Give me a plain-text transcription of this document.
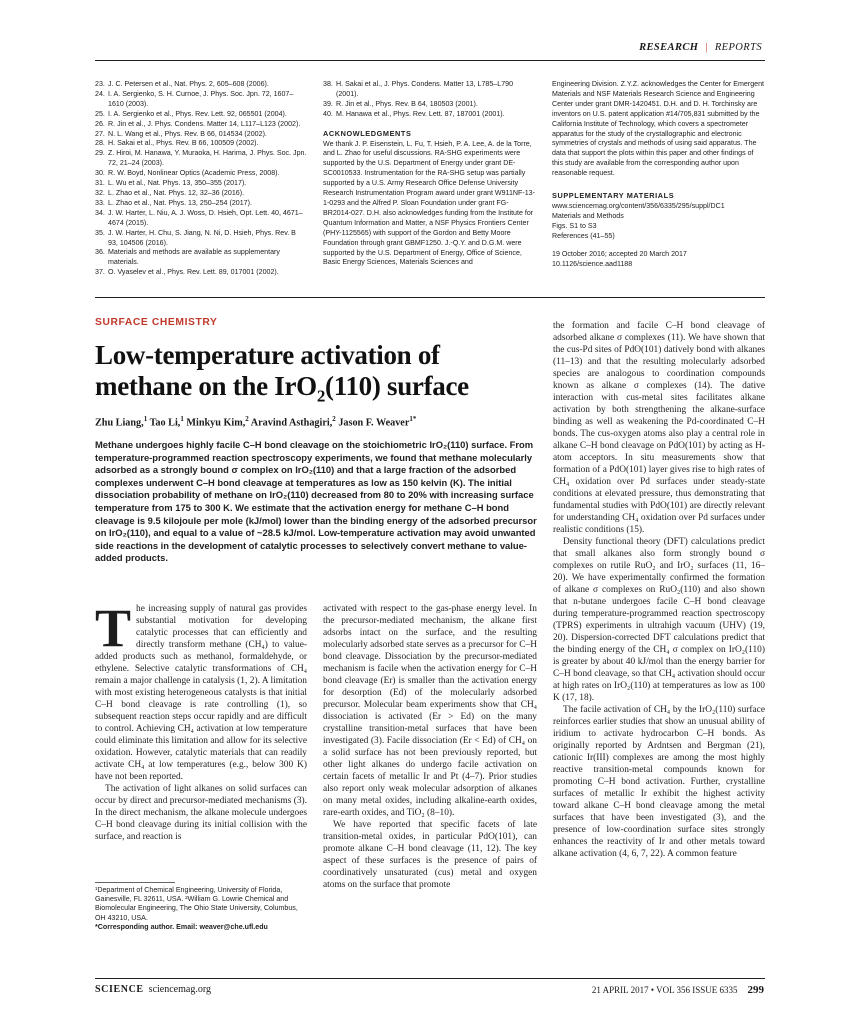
RESEARCH | REPORTS
23. J. C. Petersen et al., Nat. Phys. 2, 605–608 (2006).
24. I. A. Sergienko, S. H. Curnoe, J. Phys. Soc. Jpn. 72, 1607–1610 (2003).
25. I. A. Sergienko et al., Phys. Rev. Lett. 92, 065501 (2004).
26. R. Jin et al., J. Phys. Condens. Matter 14, L117–L123 (2002).
27. N. L. Wang et al., Phys. Rev. B 66, 014534 (2002).
28. H. Sakai et al., Phys. Rev. B 66, 100509 (2002).
29. Z. Hiroi, M. Hanawa, Y. Muraoka, H. Harima, J. Phys. Soc. Jpn. 72, 21–24 (2003).
30. R. W. Boyd, Nonlinear Optics (Academic Press, 2008).
31. L. Wu et al., Nat. Phys. 13, 350–355 (2017).
32. L. Zhao et al., Nat. Phys. 12, 32–36 (2016).
33. L. Zhao et al., Nat. Phys. 13, 250–254 (2017).
34. J. W. Harter, L. Niu, A. J. Woss, D. Hsieh, Opt. Lett. 40, 4671–4674 (2015).
35. J. W. Harter, H. Chu, S. Jiang, N. Ni, D. Hsieh, Phys. Rev. B 93, 104506 (2016).
36. Materials and methods are available as supplementary materials.
37. O. Vyaselev et al., Phys. Rev. Lett. 89, 017001 (2002).
38. H. Sakai et al., J. Phys. Condens. Matter 13, L785–L790 (2001).
39. R. Jin et al., Phys. Rev. B 64, 180503 (2001).
40. M. Hanawa et al., Phys. Rev. Lett. 87, 187001 (2001).
ACKNOWLEDGMENTS
We thank J. P. Eisenstein, L. Fu, T. Hsieh, P. A. Lee, A. de la Torre, and L. Zhao for useful discussions. RA-SHG experiments were supported by the U.S. Department of Energy under grant DE-SC0010533. Instrumentation for the RA-SHG setup was partially supported by a U.S. Army Research Office Defense University Research Instrumentation Program award under grant W911NF-13-1-0293 and the Alfred P. Sloan Foundation under grant FG-BR2014-027. D.H. also acknowledges funding from the Institute for Quantum Information and Matter, a NSF Physics Frontiers Center (PHY-1125565) with support of the Gordon and Betty Moore Foundation through grant GBMF1250. J.-Q.Y. and D.G.M. were supported by the U.S. Department of Energy, Office of Science, Basic Energy Sciences, Materials Sciences and
Engineering Division. Z.Y.Z. acknowledges the Center for Emergent Materials and NSF Materials Research Science and Engineering Center under grant DMR-1420451. D.H. and D. H. Torchinsky are inventors on U.S. patent application #14/705,831 submitted by the California Institute of Technology, which covers a spectrometer apparatus for the study of the crystallographic and electronic symmetries of crystals and methods of using said apparatus. The data that support the plots within this paper and other findings of this study are available from the corresponding author upon reasonable request.
SUPPLEMENTARY MATERIALS
www.sciencemag.org/content/356/6335/295/suppl/DC1
Materials and Methods
Figs. S1 to S3
References (41–55)
19 October 2016; accepted 20 March 2017
10.1126/science.aad1188
SURFACE CHEMISTRY
Low-temperature activation of
methane on the IrO$_2$(110) surface
Zhu Liang,$^1$ Tao Li,$^1$ Minkyu Kim,$^2$ Aravind Asthagiri,$^2$ Jason F. Weaver$^{1*}$
Methane undergoes highly facile C–H bond cleavage on the stoichiometric IrO₂(110) surface. From temperature-programmed reaction spectroscopy experiments, we found that methane molecularly adsorbed as a strongly bound σ complex on IrO₂(110) and that a large fraction of the adsorbed complexes underwent C–H bond cleavage at temperatures as low as 150 kelvin (K). The initial dissociation probability of methane on IrO₂(110) decreased from 80 to 20% with increasing surface temperature from 175 to 300 K. We estimate that the activation energy for methane C–H bond cleavage is 9.5 kilojoule per mole (kJ/mol) lower than the binding energy of the adsorbed precursor on IrO₂(110), and equal to a value of ~28.5 kJ/mol. Low-temperature activation may avoid unwanted side reactions in the development of catalytic processes to selectively convert methane to value-added products.

The increasing supply of natural gas provides substantial motivation for developing catalytic processes that can efficiently and directly transform methane (CH₄) to value-added products such as methanol, formaldehyde, or ethylene. Selective catalytic transformations of CH₄ remain a major challenge in catalysis (1, 2). A limitation with most existing heterogeneous catalysts is that initial C–H bond cleavage is rate controlling (1), so subsequent reaction steps occur rapidly and are difficult to control. Achieving CH₄ activation at low temperature could eliminate this limitation and allow for its selective oxidation. However, catalytic materials that can readily activate CH₄ at low temperatures (e.g., below 300 K) have not been reported.

The activation of light alkanes on solid surfaces can occur by direct and precursor-mediated mechanisms (3). In the direct mechanism, the alkane molecule undergoes C–H bond cleavage during its initial collision with the surface, and reaction is

activated with respect to the gas-phase energy level. In the precursor-mediated mechanism, the alkane first adsorbs intact on the surface, and the resulting molecularly adsorbed state serves as a precursor for C–H bond cleavage. Dissociation by the precursor-mediated mechanism is facile when the activation energy for C–H bond cleavage (Er) is smaller than the activation energy for desorption (Ed) of the molecularly adsorbed precursor. Molecular beam experiments show that CH₄ dissociation is activated (Er > Ed) on the many crystalline transition-metal surfaces that have been investigated (3). Facile dissociation (Er < Ed) of CH₄ on a solid surface has not been previously reported, but other light alkanes do undergo facile activation on certain facets of metallic Ir and Pt (4–7). Prior studies also report only weak molecular adsorption of alkanes on many metal oxides, including alkaline-earth oxides, rare-earth oxides, and TiO₂ (8–10).

We have reported that specific facets of late transition-metal oxides, in particular PdO(101), can promote alkane C–H bond cleavage (11, 12). The key aspect of these surfaces is the presence of pairs of coordinatively unsaturated (cus) metal and oxygen atoms on the surface that promote

the formation and facile C–H bond cleavage of adsorbed alkane σ complexes (11). We have shown that the cus-Pd sites of PdO(101) datively bond with alkanes (11–13) and that the resulting molecularly adsorbed species are analogous to coordination compounds known as alkane σ complexes (14). The dative interaction with cus-metal sites facilitates alkane activation by both strengthening the alkane-surface binding as well as weakening the Pd-coordinated C–H bonds. The cus-oxygen atoms also play a central role in alkane C–H bond cleavage on PdO(101) by acting as H-atom acceptors. In situ measurements show that formation of a PdO(101) layer gives rise to high rates of CH₄ oxidation over Pd surfaces under steady-state conditions at elevated pressure, thus demonstrating that fundamental studies with PdO(101) are directly relevant for understanding CH₄ oxidation over Pd surfaces under realistic conditions (15).

Density functional theory (DFT) calculations predict that small alkanes also form strongly bound σ complexes on rutile RuO₂ and IrO₂ surfaces (11, 16–20). We have experimentally confirmed the formation of alkane σ complexes on RuO₂(110) and also shown that n-butane undergoes facile C–H bond cleavage during temperature-programmed reaction spectroscopy (TPRS) experiments in ultrahigh vacuum (UHV) (19, 20). Dispersion-corrected DFT calculations predict that the binding energy of the CH₄ σ complex on IrO₂(110) is greater by about 40 kJ/mol than the energy barrier for C–H bond cleavage, so that CH₄ activation should occur at high rates on IrO₂(110) at temperatures as low as 100 K (17, 18).

The facile activation of CH₄ by the IrO₂(110) surface reinforces earlier studies that show an unusual ability of iridium to activate hydrocarbon C–H bonds. As originally reported by Ardntsen and Bergman (21), cationic Ir(III) complexes are among the most highly reactive transition-metal compounds known for promoting C–H bond activation. Further, crystalline surfaces of metallic Ir exhibit the highest activity toward alkane C–H bond cleavage among the metal surfaces that have been investigated (3), and the presence of low-coordination surface sites strongly enhances the reactivity of Ir and other metals toward alkane activation (4, 6, 7, 22). A common feature

¹Department of Chemical Engineering, University of Florida, Gainesville, FL 32611, USA. ²William G. Lowrie Chemical and Biomolecular Engineering, The Ohio State University, Columbus, OH 43210, USA.
*Corresponding author. Email: weaver@che.ufl.edu
SCIENCE sciencemag.org	21 APRIL 2017 • VOL 356 ISSUE 6335 299
